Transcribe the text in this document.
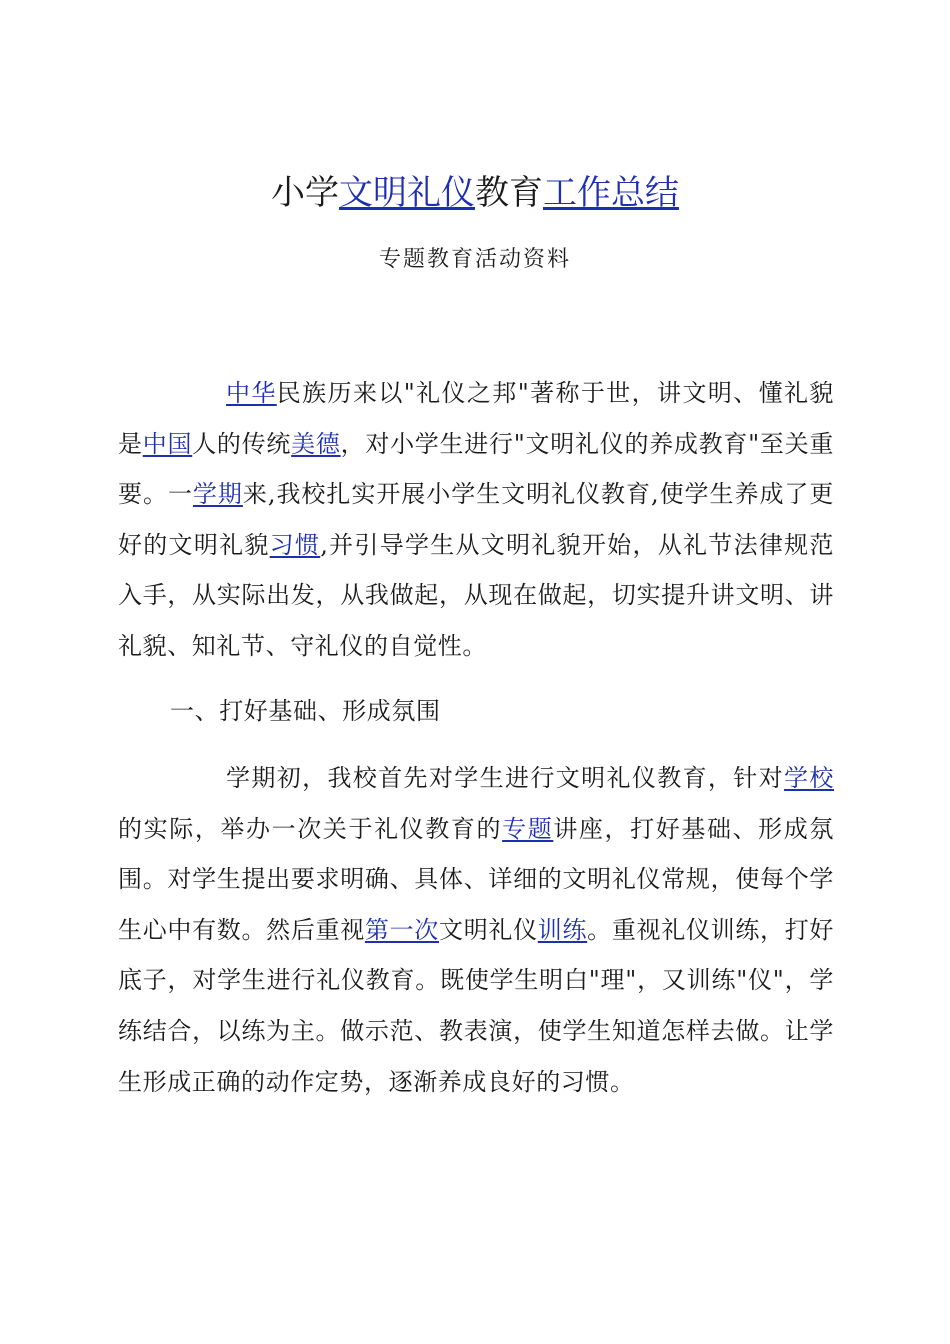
小学文明礼仪教育工作总结
专题教育活动资料

中华民族历来以"礼仪之邦"著称于世，讲文明、懂礼貌是中国人的传统美德，对小学生进行"文明礼仪的养成教育"至关重要。一学期来,我校扎实开展小学生文明礼仪教育,使学生养成了更好的文明礼貌习惯,并引导学生从文明礼貌开始，从礼节法律规范入手，从实际出发，从我做起，从现在做起，切实提升讲文明、讲礼貌、知礼节、守礼仪的自觉性。

一、打好基础、形成氛围

学期初，我校首先对学生进行文明礼仪教育，针对学校的实际，举办一次关于礼仪教育的专题讲座，打好基础、形成氛围。对学生提出要求明确、具体、详细的文明礼仪常规，使每个学生心中有数。然后重视第一次文明礼仪训练。重视礼仪训练，打好底子，对学生进行礼仪教育。既使学生明白"理"，又训练"仪"，学练结合，以练为主。做示范、教表演，使学生知道怎样去做。让学生形成正确的动作定势，逐渐养成良好的习惯。
